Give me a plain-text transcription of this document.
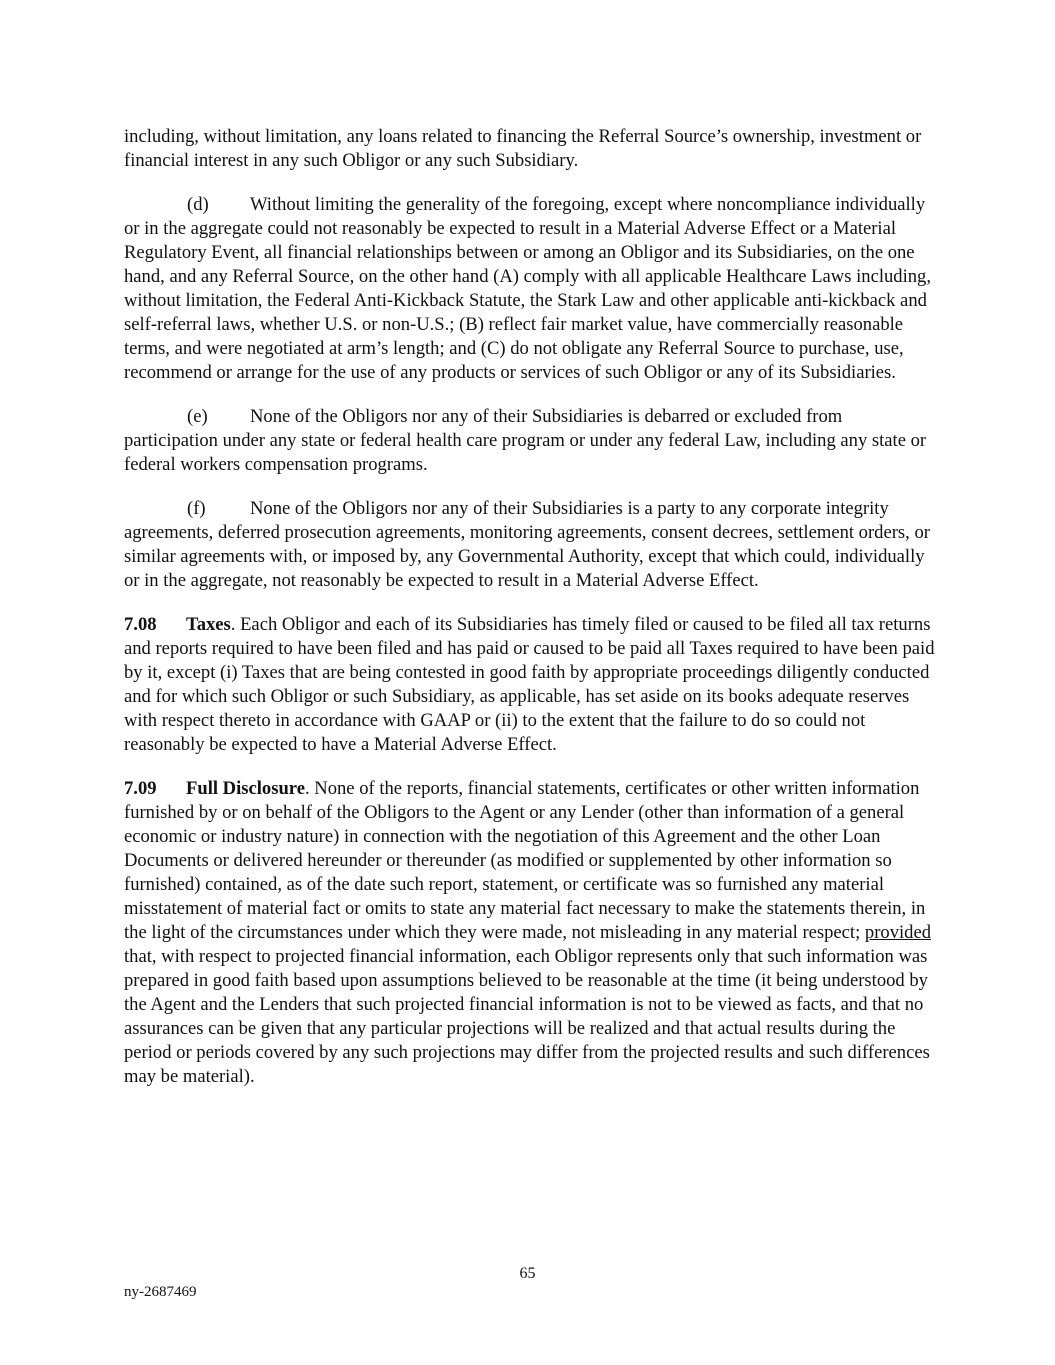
including, without limitation, any loans related to financing the Referral Source’s ownership, investment or financial interest in any such Obligor or any such Subsidiary.

(d) Without limiting the generality of the foregoing, except where noncompliance individually or in the aggregate could not reasonably be expected to result in a Material Adverse Effect or a Material Regulatory Event, all financial relationships between or among an Obligor and its Subsidiaries, on the one hand, and any Referral Source, on the other hand (A) comply with all applicable Healthcare Laws including, without limitation, the Federal Anti-Kickback Statute, the Stark Law and other applicable anti-kickback and self-referral laws, whether U.S. or non-U.S.; (B) reflect fair market value, have commercially reasonable terms, and were negotiated at arm’s length; and (C) do not obligate any Referral Source to purchase, use, recommend or arrange for the use of any products or services of such Obligor or any of its Subsidiaries.

(e) None of the Obligors nor any of their Subsidiaries is debarred or excluded from participation under any state or federal health care program or under any federal Law, including any state or federal workers compensation programs.

(f) None of the Obligors nor any of their Subsidiaries is a party to any corporate integrity agreements, deferred prosecution agreements, monitoring agreements, consent decrees, settlement orders, or similar agreements with, or imposed by, any Governmental Authority, except that which could, individually or in the aggregate, not reasonably be expected to result in a Material Adverse Effect.

7.08 Taxes. Each Obligor and each of its Subsidiaries has timely filed or caused to be filed all tax returns and reports required to have been filed and has paid or caused to be paid all Taxes required to have been paid by it, except (i) Taxes that are being contested in good faith by appropriate proceedings diligently conducted and for which such Obligor or such Subsidiary, as applicable, has set aside on its books adequate reserves with respect thereto in accordance with GAAP or (ii) to the extent that the failure to do so could not reasonably be expected to have a Material Adverse Effect.

7.09 Full Disclosure. None of the reports, financial statements, certificates or other written information furnished by or on behalf of the Obligors to the Agent or any Lender (other than information of a general economic or industry nature) in connection with the negotiation of this Agreement and the other Loan Documents or delivered hereunder or thereunder (as modified or supplemented by other information so furnished) contained, as of the date such report, statement, or certificate was so furnished any material misstatement of material fact or omits to state any material fact necessary to make the statements therein, in the light of the circumstances under which they were made, not misleading in any material respect; provided that, with respect to projected financial information, each Obligor represents only that such information was prepared in good faith based upon assumptions believed to be reasonable at the time (it being understood by the Agent and the Lenders that such projected financial information is not to be viewed as facts, and that no assurances can be given that any particular projections will be realized and that actual results during the period or periods covered by any such projections may differ from the projected results and such differences may be material).

65
ny-2687469
